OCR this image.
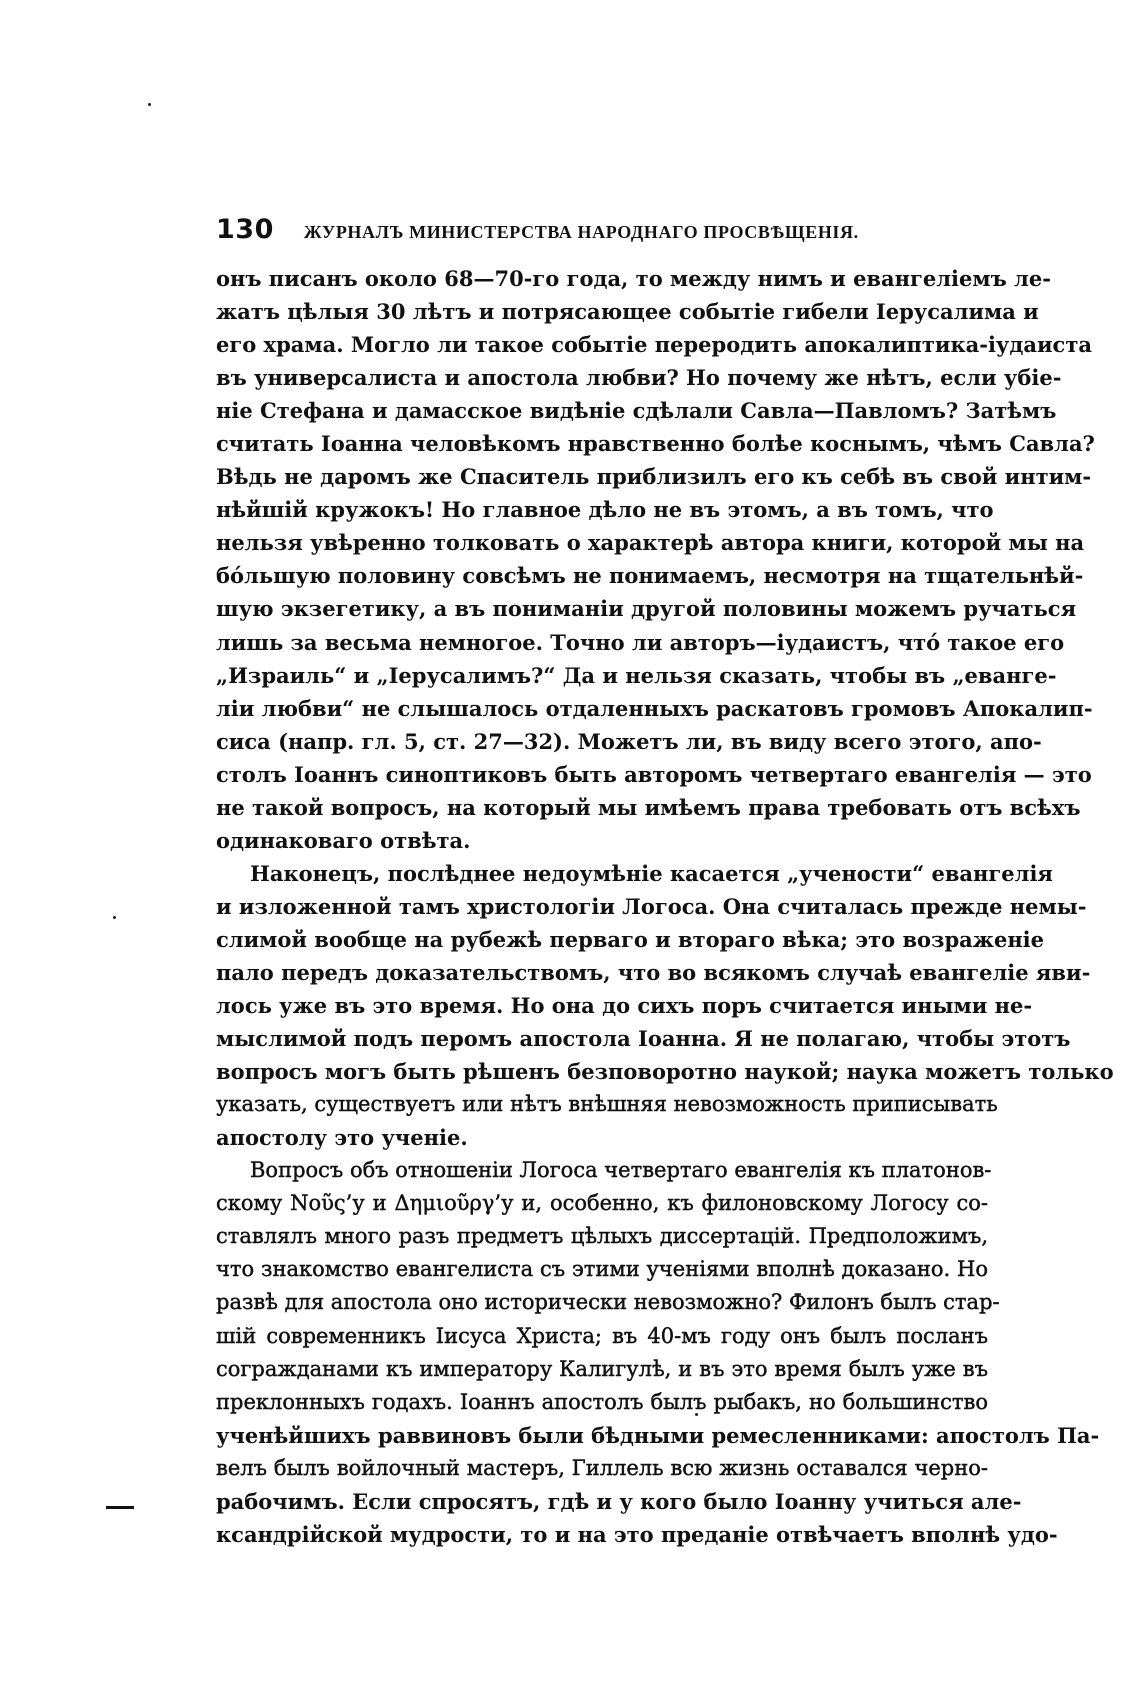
130 ЖУРНАЛЪ МИНИСТЕРСТВА НАРОДНАГО ПРОСВѢЩЕНІЯ.
онъ писанъ около 68—70-го года, то между нимъ и евангеліемъ ле-
жатъ цѣлыя 30 лѣтъ и потрясающее событіе гибели Іерусалима и
его храма. Могло ли такое событіе переродить апокалиптика-іудаиста
въ универсалиста и апостола любви? Но почему же нѣтъ, если убіе-
ніе Стефана и дамасское видѣніе сдѣлали Савла—Павломъ? Затѣмъ
считать Іоанна человѣкомъ нравственно болѣе коснымъ, чѣмъ Савла?
Вѣдь не даромъ же Спаситель приблизилъ его къ себѣ въ свой интим-
нѣйшій кружокъ! Но главное дѣло не въ этомъ, а въ томъ, что
нельзя увѣренно толковать о характерѣ автора книги, которой мы на
бóльшую половину совсѣмъ не понимаемъ, несмотря на тщательнѣй-
шую экзегетику, а въ пониманіи другой половины можемъ ручаться
лишь за весьма немногое. Точно ли авторъ—іудаистъ, чтó такое его
„Израиль“ и „Іерусалимъ?“ Да и нельзя сказать, чтобы въ „еванге-
ліи любви“ не слышалось отдаленныхъ раскатовъ громовъ Апокалип-
сиса (напр. гл. 5, ст. 27—32). Можетъ ли, въ виду всего этого, апо-
столъ Іоаннъ синоптиковъ быть авторомъ четвертаго евангелія — это
не такой вопросъ, на который мы имѣемъ права требовать отъ всѣхъ
одинаковаго отвѣта.
Наконецъ, послѣднее недоумѣніе касается „учености“ евангелія
и изложенной тамъ христологіи Логоса. Она считалась прежде немы-
слимой вообще на рубежѣ перваго и втораго вѣка; это возраженіе
пало передъ доказательствомъ, что во всякомъ случаѣ евангеліе яви-
лось уже въ это время. Но она до сихъ поръ считается иными не-
мыслимой подъ перомъ апостола Іоанна. Я не полагаю, чтобы этотъ
вопросъ могъ быть рѣшенъ безповоротно наукой; наука можетъ только
указать, существуетъ или нѣтъ внѣшняя невозможность приписывать
апостолу это ученіе.
Вопросъ объ отношеніи Логоса четвертаго евангелія къ платонов-
скому Νοῦς’у и Δημιοῦργ’у и, особенно, къ филоновскому Логосу со-
ставлялъ много разъ предметъ цѣлыхъ диссертацій. Предположимъ,
что знакомство евангелиста съ этими ученіями вполнѣ доказано. Но
развѣ для апостола оно исторически невозможно? Филонъ былъ стар-
шій современникъ Іисуса Христа; въ 40-мъ году онъ былъ посланъ
согражданами къ императору Калигулѣ, и въ это время былъ уже въ
преклонныхъ годахъ. Іоаннъ апостолъ былъ рыбакъ, но большинство
ученѣйшихъ раввиновъ были бѣдными ремесленниками: апостолъ Па-
велъ былъ войлочный мастеръ, Гиллель всю жизнь оставался черно-
рабочимъ. Если спросятъ, гдѣ и у кого было Іоанну учиться але-
ксандрійской мудрости, то и на это преданіе отвѣчаетъ вполнѣ удо-
